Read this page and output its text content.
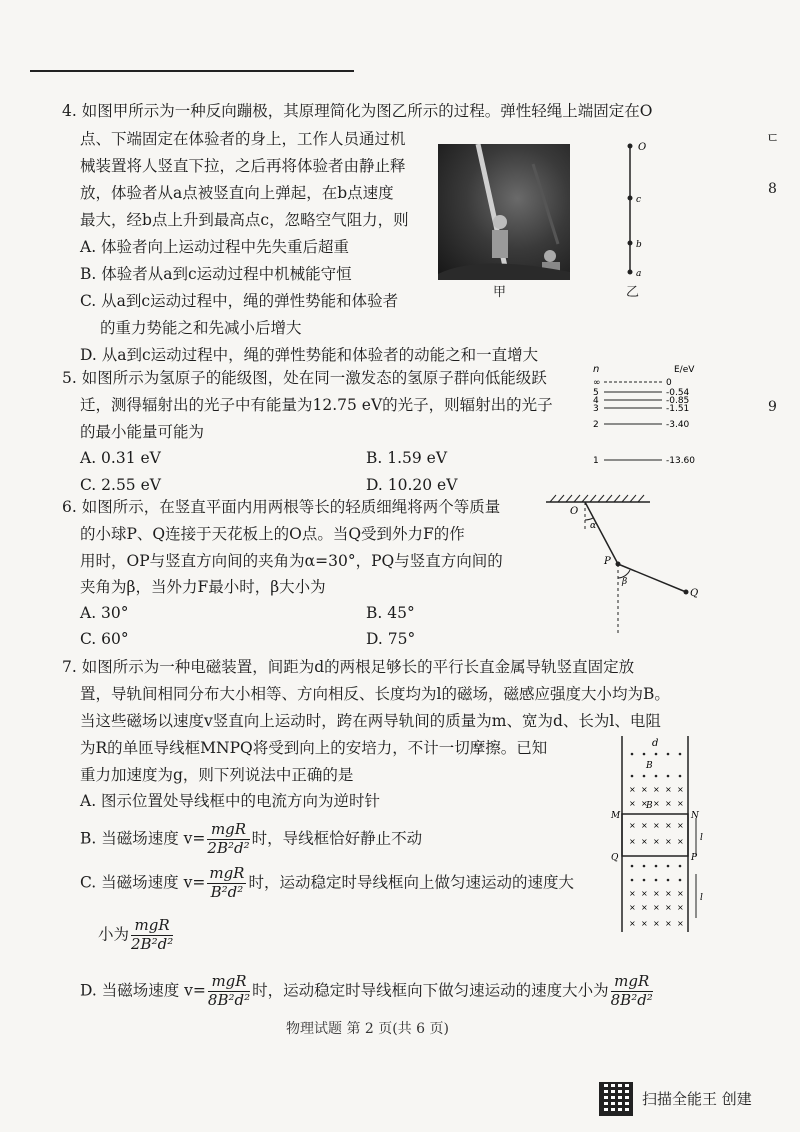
ㄷ
8
9
4. 如图甲所示为一种反向蹦极，其原理简化为图乙所示的过程。弹性轻绳上端固定在O
点、下端固定在体验者的身上，工作人员通过机
械装置将人竖直下拉，之后再将体验者由静止释
放，体验者从a点被竖直向上弹起，在b点速度
最大，经b点上升到最高点c，忽略空气阻力，则
A. 体验者向上运动过程中先失重后超重
B. 体验者从a到c运动过程中机械能守恒
C. 从a到c运动过程中，绳的弹性势能和体验者
的重力势能之和先减小后增大
D. 从a到c运动过程中，绳的弹性势能和体验者的动能之和一直增大
甲
O
c
b
a
乙
5. 如图所示为氢原子的能级图，处在同一激发态的氢原子群向低能级跃
迁，测得辐射出的光子中有能量为12.75 eV的光子，则辐射出的光子
的最小能量可能为
A. 0.31 eV	B. 1.59 eV
C. 2.55 eV	D. 10.20 eV
n	E/eV
∞	0
5	-0.54
4	-0.85
3	-1.51
2	-3.40
1	-13.60
6. 如图所示，在竖直平面内用两根等长的轻质细绳将两个等质量
的小球P、Q连接于天花板上的O点。当Q受到外力F的作
用时，OP与竖直方向间的夹角为α=30°，PQ与竖直方向间的
夹角为β，当外力F最小时，β大小为
A. 30°	B. 45°
C. 60°	D. 75°
O
α
P
β
Q
7. 如图所示为一种电磁装置，间距为d的两根足够长的平行长直金属导轨竖直固定放
置，导轨间相同分布大小相等、方向相反、长度均为l的磁场，磁感应强度大小均为B。
当这些磁场以速度v竖直向上运动时，跨在两导轨间的质量为m、宽为d、长为l、电阻
为R的单匝导线框MNPQ将受到向上的安培力，不计一切摩擦。已知
重力加速度为g，则下列说法中正确的是
A. 图示位置处导线框中的电流方向为逆时针
B. 当磁场速度 $v= \frac{\text{mgR}}{\text{2B²d²}}$ 时，导线框恰好静止不动
C. 当磁场速度 $v= \frac{\text{mgR}}{\text{B²d²}}$ 时，运动稳定时导线框向上做匀速运动的速度大
小为 $\frac{\text{mgR}}{\text{2B²d²}}$
D. 当磁场速度 $v= \frac{\text{mgR}}{\text{8B²d²}}$ 时，运动稳定时导线框向下做匀速运动的速度大小为 $\frac{\text{mgR}}{\text{8B²d²}}$
d
B
× × × × ×
× × × × ×
× × × × ×
× × × × ×
B
M	N
Q	P
× × × × ×
× × × × ×
× × × × ×
l
l
物理试题 第 2 页(共 6 页)
扫描全能王 创建
